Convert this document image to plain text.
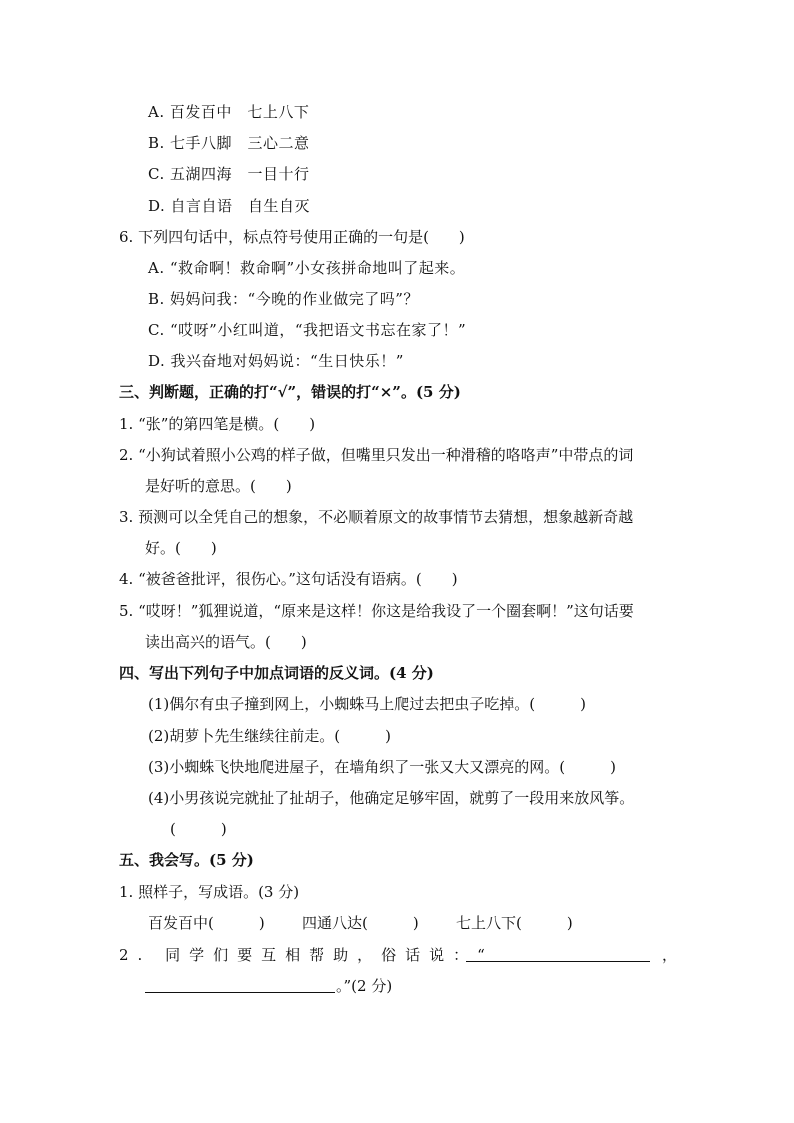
A. 百发百中　七上八下
B. 七手八脚　三心二意
C. 五湖四海　一目十行
D. 自言自语　自生自灭
6. 下列四句话中，标点符号使用正确的一句是(　　)
A. “救命啊！救命啊”小女孩拼命地叫了起来。
B. 妈妈问我：“今晚的作业做完了吗”？
C. “哎呀”小红叫道，“我把语文书忘在家了！”
D. 我兴奋地对妈妈说：“生日快乐！”
三、判断题，正确的打“√”，错误的打“×”。(5 分)
1. “张”的第四笔是横。(　　)
2. “小狗试着照小公鸡的样子做，但嘴里只发出一种滑稽的咯咯声”中带点的词
是好听的意思。(　　)
3. 预测可以全凭自己的想象，不必顺着原文的故事情节去猜想，想象越新奇越
好。(　　)
4. “被爸爸批评，很伤心。”这句话没有语病。(　　)
5. “哎呀！”狐狸说道，“原来是这样！你这是给我设了一个圈套啊！”这句话要
读出高兴的语气。(　　)
四、写出下列句子中加点词语的反义词。(4 分)
(1)偶尔有虫子撞到网上，小蜘蛛马上爬过去把虫子吃掉。(　　　)
(2)胡萝卜先生继续往前走。(　　　)
(3)小蜘蛛飞快地爬进屋子，在墙角织了一张又大又漂亮的网。(　　　)
(4)小男孩说完就扯了扯胡子，他确定足够牢固，就剪了一段用来放风筝。
(　　　)
五、我会写。(5 分)
1. 照样子，写成语。(3 分)
百发百中(　　　) 四通八达(　　　) 七上八下(　　　)
2. 同学们要互相帮助，俗话说：“	，
。”(2 分)
